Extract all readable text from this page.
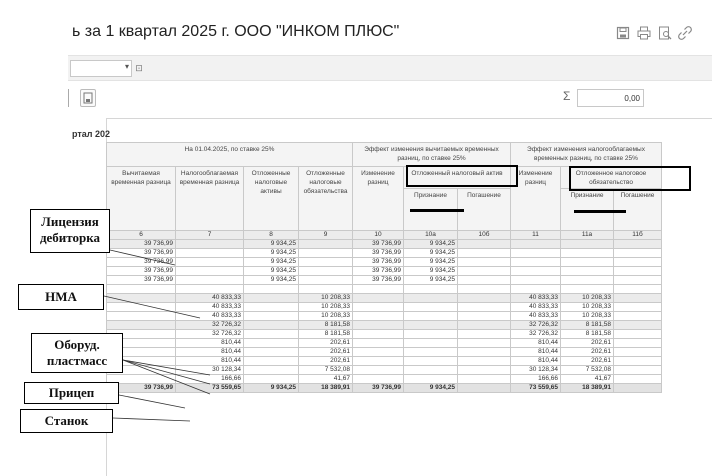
ь за 1 квартал 2025 г. ООО "ИНКОМ ПЛЮС"
▾ ⊡
Σ	0,00
ртал 202
На 01.04.2025, по ставке 25%				Эффект изменения вычитаемых временных разниц, по ставке 25%			Эффект изменения налогооблагаемых временных разниц, по ставке 25%		
Вычитаемая временная разница	Налогооблагаемая временная разница	Отложенные налоговые активы	Отложенные налоговые обязательства	Изменение разниц	Отложенный налоговый актив		Изменение разниц	Отложенное налоговое обязательство	
					Признание	Погашение		Признание	Погашение
6	7	8	9	10	10а	10б	11	11а	11б
39 736,99		9 934,25		39 736,99	9 934,25				
39 736,99		9 934,25		39 736,99	9 934,25				
39 736,99		9 934,25		39 736,99	9 934,25				
39 736,99		9 934,25		39 736,99	9 934,25				
39 736,99		9 934,25		39 736,99	9 934,25				

	40 833,33		10 208,33				40 833,33	10 208,33	
	40 833,33		10 208,33				40 833,33	10 208,33	
	40 833,33		10 208,33				40 833,33	10 208,33	
	32 726,32		8 181,58				32 726,32	8 181,58	
	32 726,32		8 181,58				32 726,32	8 181,58	
	810,44		202,61				810,44	202,61	
	810,44		202,61				810,44	202,61	
	810,44		202,61				810,44	202,61	
	30 128,34		7 532,08				30 128,34	7 532,08	
	166,66		41,67				166,66	41,67	
39 736,99	73 559,65	9 934,25	18 389,91	39 736,99	9 934,25		73 559,65	18 389,91	
Лицензия дебиторка
НМА
Оборуд. пластмасс
Прицеп
Станок
